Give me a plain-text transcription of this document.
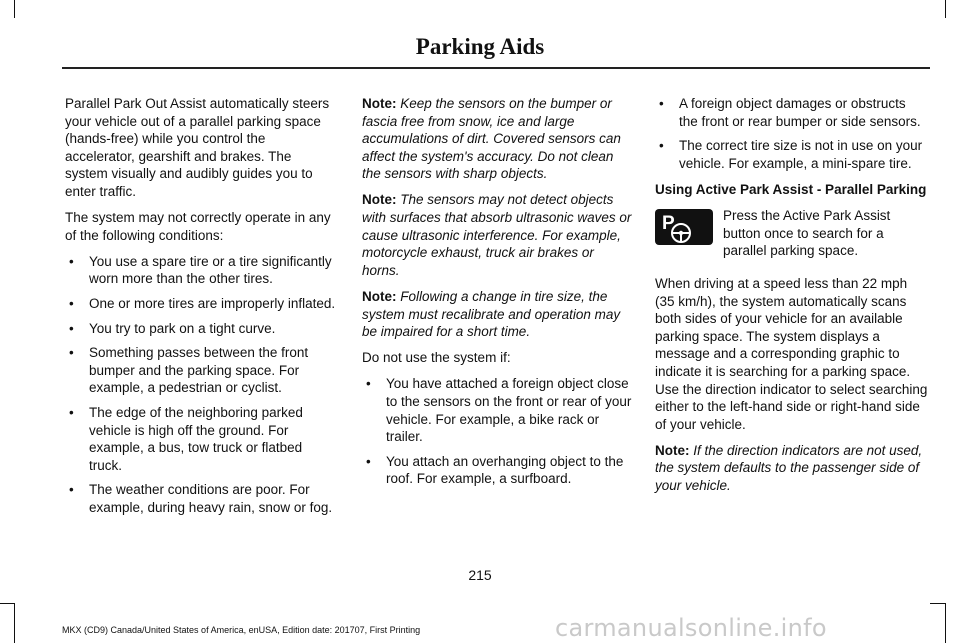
Parking Aids

Parallel Park Out Assist automatically steers your vehicle out of a parallel parking space (hands-free) while you control the accelerator, gearshift and brakes. The system visually and audibly guides you to enter traffic.

The system may not correctly operate in any of the following conditions:

• You use a spare tire or a tire significantly worn more than the other tires.
• One or more tires are improperly inflated.
• You try to park on a tight curve.
• Something passes between the front bumper and the parking space. For example, a pedestrian or cyclist.
• The edge of the neighboring parked vehicle is high off the ground. For example, a bus, tow truck or flatbed truck.
• The weather conditions are poor. For example, during heavy rain, snow or fog.

Note: Keep the sensors on the bumper or fascia free from snow, ice and large accumulations of dirt. Covered sensors can affect the system's accuracy. Do not clean the sensors with sharp objects.

Note: The sensors may not detect objects with surfaces that absorb ultrasonic waves or cause ultrasonic interference. For example, motorcycle exhaust, truck air brakes or horns.

Note: Following a change in tire size, the system must recalibrate and operation may be impaired for a short time.

Do not use the system if:

• You have attached a foreign object close to the sensors on the front or rear of your vehicle. For example, a bike rack or trailer.
• You attach an overhanging object to the roof. For example, a surfboard.
• A foreign object damages or obstructs the front or rear bumper or side sensors.
• The correct tire size is not in use on your vehicle. For example, a mini-spare tire.

Using Active Park Assist - Parallel Parking

P	Press the Active Park Assist button once to search for a parallel parking space.

When driving at a speed less than 22 mph (35 km/h), the system automatically scans both sides of your vehicle for an available parking space. The system displays a message and a corresponding graphic to indicate it is searching for a parking space. Use the direction indicator to select searching either to the left-hand side or right-hand side of your vehicle.

Note: If the direction indicators are not used, the system defaults to the passenger side of your vehicle.

215
MKX (CD9) Canada/United States of America, enUSA, Edition date: 201707, First Printing	carmanualsonline.info
